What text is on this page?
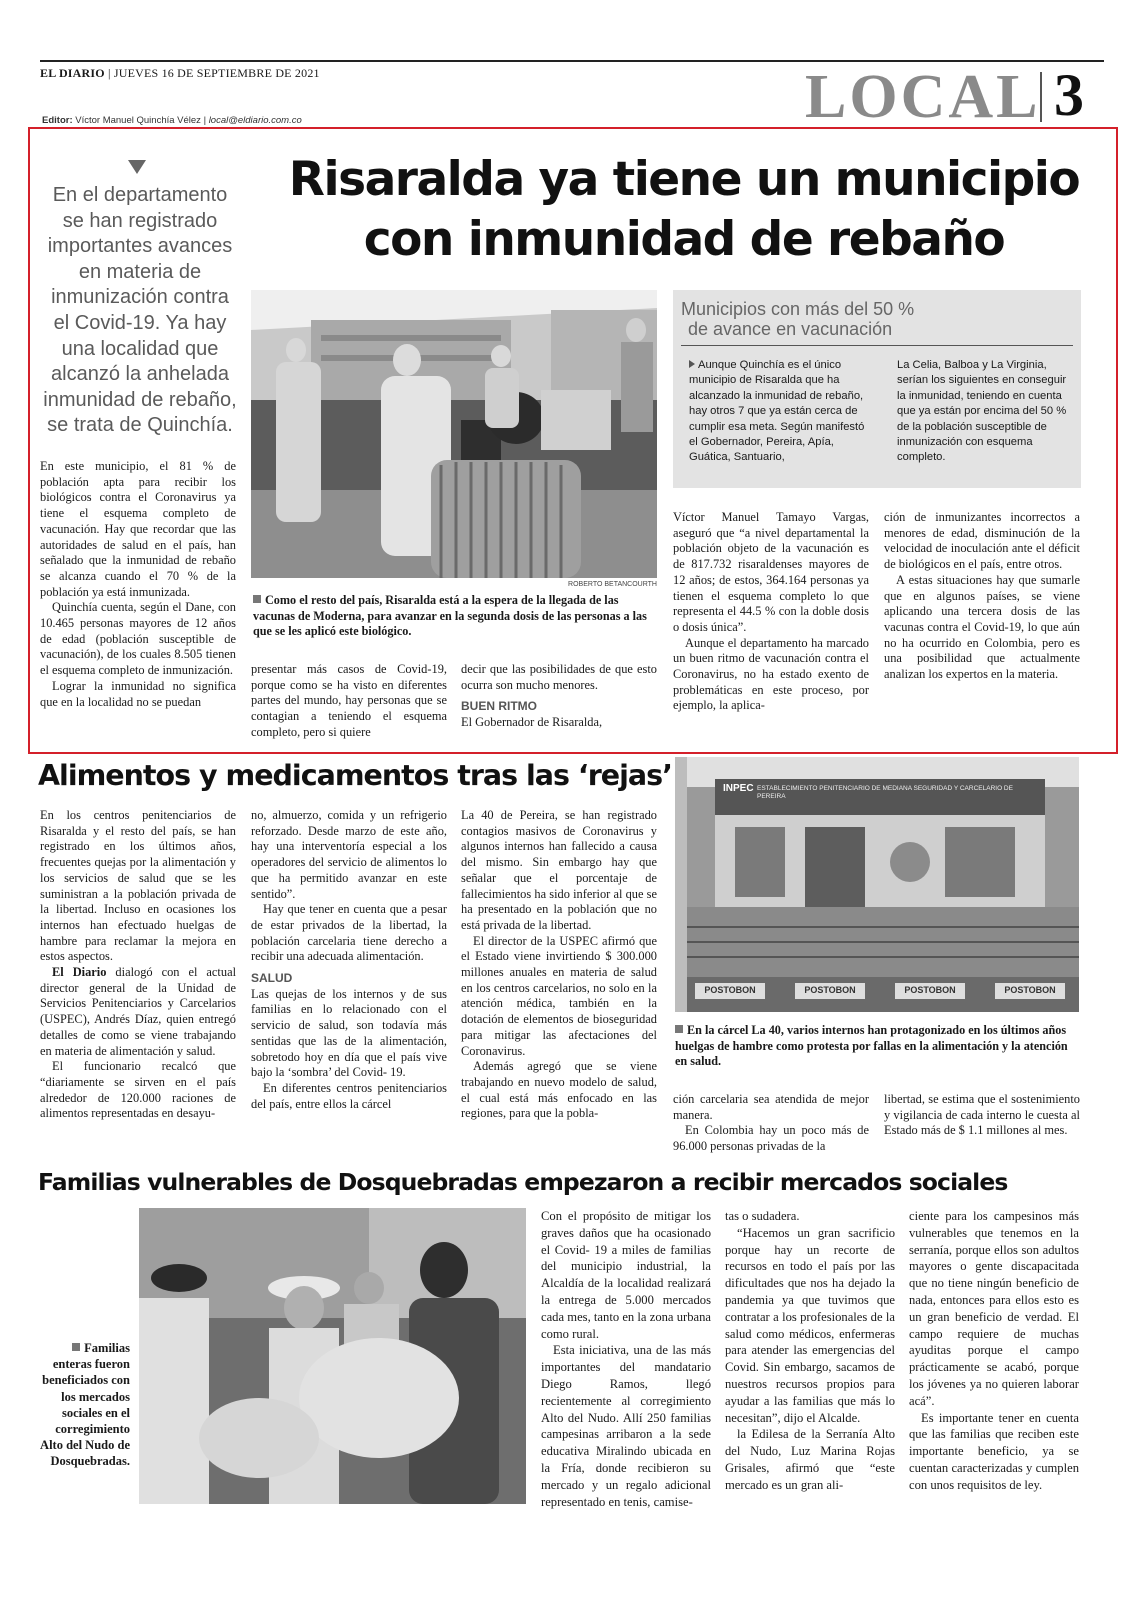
EL DIARIO | JUEVES 16 DE SEPTIEMBRE DE 2021	LOCAL 3
Editor: Víctor Manuel Quinchía Vélez | local@eldiario.com.co
En el departamento se han registrado importantes avances en materia de inmunización contra el Covid-19. Ya hay una localidad que alcanzó la anhelada inmunidad de rebaño, se trata de Quinchía.
Risaralda ya tiene un municipio
con inmunidad de rebaño
ROBERTO BETANCOURTH
Como el resto del país, Risaralda está a la espera de la llegada de las vacunas de Moderna, para avanzar en la segunda dosis de las personas a las que se les aplicó este biológico.
Municipios con más del 50 %
de avance en vacunación
Aunque Quinchía es el único municipio de Risaralda que ha alcanzado la inmunidad de rebaño, hay otros 7 que ya están cerca de cumplir esa meta. Según manifestó el Gobernador, Pereira, Apía, Guática, Santuario,
La Celia, Balboa y La Virginia, serían los siguientes en conseguir la inmunidad, teniendo en cuenta que ya están por encima del 50 % de la población susceptible de inmunización con esquema completo.

En este municipio, el 81 % de población apta para recibir los biológicos contra el Coronavirus ya tiene el esquema completo de vacunación. Hay que recordar que las autoridades de salud en el país, han señalado que la inmunidad de rebaño se alcanza cuando el 70 % de la población ya está inmunizada.

Quinchía cuenta, según el Dane, con 10.465 personas mayores de 12 años de edad (población susceptible de vacunación), de los cuales 8.505 tienen el esquema completo de inmunización.

Lograr la inmunidad no significa que en la localidad no se puedan

presentar más casos de Covid-19, porque como se ha visto en diferentes partes del mundo, hay personas que se contagian a teniendo el esquema completo, pero si quiere

decir que las posibilidades de que esto ocurra son mucho menores.

BUEN RITMO

El Gobernador de Risaralda,

Víctor Manuel Tamayo Vargas, aseguró que “a nivel departamental la población objeto de la vacunación es de 817.732 risaraldenses mayores de 12 años; de estos, 364.164 personas ya tienen el esquema completo lo que representa el 44.5 % con la doble dosis o dosis única”.

Aunque el departamento ha marcado un buen ritmo de vacunación contra el Coronavirus, no ha estado exento de problemáticas en este proceso, por ejemplo, la aplica-

ción de inmunizantes incorrectos a menores de edad, disminución de la velocidad de inoculación ante el déficit de biológicos en el país, entre otros.

A estas situaciones hay que sumarle que en algunos países, se viene aplicando una tercera dosis de las vacunas contra el Covid-19, lo que aún no ha ocurrido en Colombia, pero es una posibilidad que actualmente analizan los expertos en la materia.

Alimentos y medicamentos tras las ‘rejas’	INPEC ESTABLECIMIENTO PENITENCIARIO DE MEDIANA SEGURIDAD Y CARCELARIO DE PEREIRA
POSTOBON	POSTOBON	POSTOBON	POSTOBON
En la cárcel La 40, varios internos han protagonizado en los últimos años huelgas de hambre como protesta por fallas en la alimentación y la atención en salud.

En los centros penitenciarios de Risaralda y el resto del país, se han registrado en los últimos años, frecuentes quejas por la alimentación y los servicios de salud que se les suministran a la población privada de la libertad. Incluso en ocasiones los internos han efectuado huelgas de hambre para reclamar la mejora en estos aspectos.

El Diario dialogó con el actual director general de la Unidad de Servicios Penitenciarios y Carcelarios (USPEC), Andrés Díaz, quien entregó detalles de como se viene trabajando en materia de alimentación y salud.

El funcionario recalcó que “diariamente se sirven en el país alrededor de 120.000 raciones de alimentos representadas en desayu-

no, almuerzo, comida y un refrigerio reforzado. Desde marzo de este año, hay una interventoría especial a los operadores del servicio de alimentos lo que ha permitido avanzar en este sentido”.

Hay que tener en cuenta que a pesar de estar privados de la libertad, la población carcelaria tiene derecho a recibir una adecuada alimentación.

SALUD

Las quejas de los internos y de sus familias en lo relacionado con el servicio de salud, son todavía más sentidas que las de la alimentación, sobretodo hoy en día que el país vive bajo la ‘sombra’ del Covid- 19.

En diferentes centros penitenciarios del país, entre ellos la cárcel

La 40 de Pereira, se han registrado contagios masivos de Coronavirus y algunos internos han fallecido a causa del mismo. Sin embargo hay que señalar que el porcentaje de fallecimientos ha sido inferior al que se ha presentado en la población que no está privada de la libertad.

El director de la USPEC afirmó que el Estado viene invirtiendo $ 300.000 millones anuales en materia de salud en los centros carcelarios, no solo en la atención médica, también en la dotación de elementos de bioseguridad para mitigar las afectaciones del Coronavirus.

Además agregó que se viene trabajando en nuevo modelo de salud, el cual está más enfocado en las regiones, para que la pobla-

ción carcelaria sea atendida de mejor manera.

En Colombia hay un poco más de 96.000 personas privadas de la

libertad, se estima que el sostenimiento y vigilancia de cada interno le cuesta al Estado más de $ 1.1 millones al mes.

Familias vulnerables de Dosquebradas empezaron a recibir mercados sociales
Familias enteras fueron beneficiados con los mercados sociales en el corregimiento Alto del Nudo de Dosquebradas.

Con el propósito de mitigar los graves daños que ha ocasionado el Covid- 19 a miles de familias del municipio industrial, la Alcaldía de la localidad realizará la entrega de 5.000 mercados cada mes, tanto en la zona urbana como rural.

Esta iniciativa, una de las más importantes del mandatario Diego Ramos, llegó recientemente al corregimiento Alto del Nudo. Allí 250 familias campesinas arribaron a la sede educativa Miralindo ubicada en la Fría, donde recibieron su mercado y un regalo adicional representado en tenis, camise-

tas o sudadera.

“Hacemos un gran sacrificio porque hay un recorte de recursos en todo el país por las dificultades que nos ha dejado la pandemia ya que tuvimos que contratar a los profesionales de la salud como médicos, enfermeras para atender las emergencias del Covid. Sin embargo, sacamos de nuestros recursos propios para ayudar a las familias que más lo necesitan”, dijo el Alcalde.

la Edilesa de la Serranía Alto del Nudo, Luz Marina Rojas Grisales, afirmó que “este mercado es un gran ali-

ciente para los campesinos más vulnerables que tenemos en la serranía, porque ellos son adultos mayores o gente discapacitada que no tiene ningún beneficio de nada, entonces para ellos esto es un gran beneficio de verdad. El campo requiere de muchas ayuditas porque el campo prácticamente se acabó, porque los jóvenes ya no quieren laborar acá”.

Es importante tener en cuenta que las familias que reciben este importante beneficio, ya se cuentan caracterizadas y cumplen con unos requisitos de ley.
